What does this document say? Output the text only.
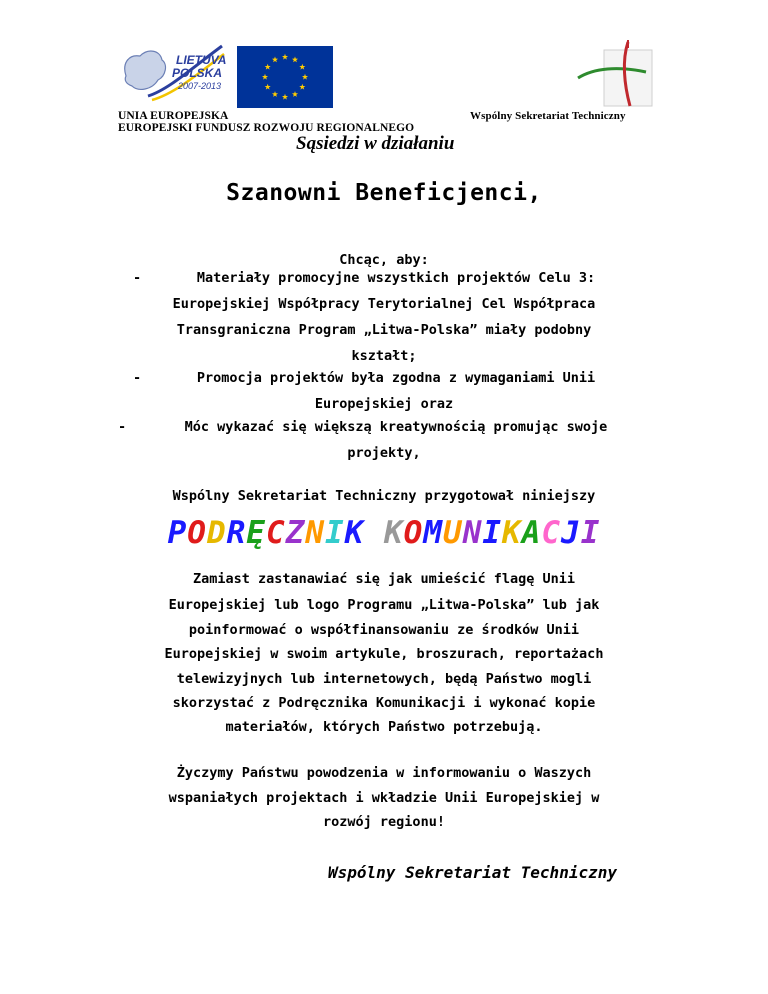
LIETUVA
POLSKA
2007-2013
UNIA EUROPEJSKA
EUROPEJSKI FUNDUSZ ROZWOJU REGIONALNEGO
Wspólny Sekretariat Techniczny
Sąsiedzi w działaniu
Szanowni Beneficjenci,
Chcąc, aby:
-	Materiały promocyjne wszystkich projektów Celu 3:
Europejskiej Współpracy Terytorialnej Cel Współpraca
Transgraniczna Program „Litwa-Polska” miały podobny
kształt;
-	Promocja projektów była zgodna z wymaganiami Unii
Europejskiej oraz
-	Móc wykazać się większą kreatywnością promując swoje
projekty,
Wspólny Sekretariat Techniczny przygotował niniejszy
PODRĘCZNIK KOMUNIKACJI
Zamiast zastanawiać się jak umieścić flagę Unii
Europejskiej lub logo Programu „Litwa-Polska” lub jak
poinformować o współfinansowaniu ze środków Unii
Europejskiej w swoim artykule, broszurach, reportażach
telewizyjnych lub internetowych, będą Państwo mogli
skorzystać z Podręcznika Komunikacji i wykonać kopie
materiałów, których Państwo potrzebują.
Życzymy Państwu powodzenia w informowaniu o Waszych
wspaniałych projektach i wkładzie Unii Europejskiej w
rozwój regionu!
Wspólny Sekretariat Techniczny
